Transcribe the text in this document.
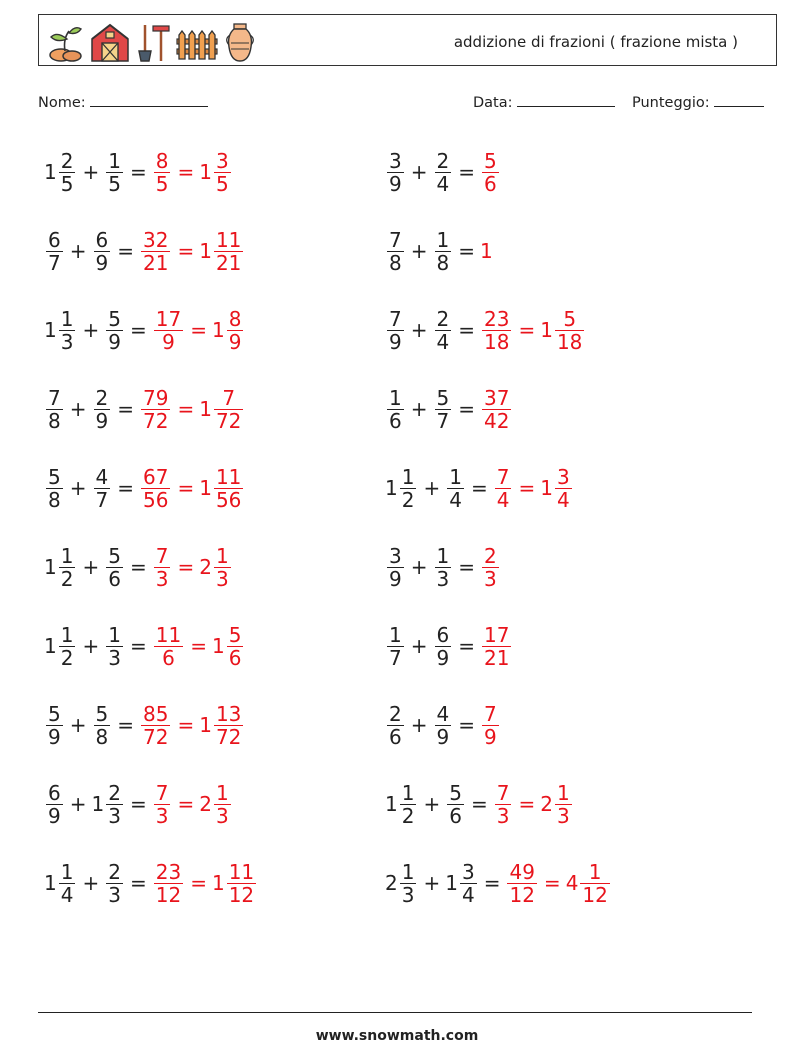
addizione di frazioni ( frazione mista )
Nome:	Data:	Punteggio:
$1 \frac{2}{5} + \frac{1}{5} = \frac{8}{5} = 1 \frac{3}{5}$	$\frac{3}{9} + \frac{2}{4} = \frac{5}{6}$
$\frac{6}{7} + \frac{6}{9} = \frac{32}{21} = 1 \frac{11}{21}$	$\frac{7}{8} + \frac{1}{8} = 1$
$1 \frac{1}{3} + \frac{5}{9} = \frac{17}{9} = 1 \frac{8}{9}$	$\frac{7}{9} + \frac{2}{4} = \frac{23}{18} = 1 \frac{5}{18}$
$\frac{7}{8} + \frac{2}{9} = \frac{79}{72} = 1 \frac{7}{72}$	$\frac{1}{6} + \frac{5}{7} = \frac{37}{42}$
$\frac{5}{8} + \frac{4}{7} = \frac{67}{56} = 1 \frac{11}{56}$	$1 \frac{1}{2} + \frac{1}{4} = \frac{7}{4} = 1 \frac{3}{4}$
$1 \frac{1}{2} + \frac{5}{6} = \frac{7}{3} = 2 \frac{1}{3}$	$\frac{3}{9} + \frac{1}{3} = \frac{2}{3}$
$1 \frac{1}{2} + \frac{1}{3} = \frac{11}{6} = 1 \frac{5}{6}$	$\frac{1}{7} + \frac{6}{9} = \frac{17}{21}$
$\frac{5}{9} + \frac{5}{8} = \frac{85}{72} = 1 \frac{13}{72}$	$\frac{2}{6} + \frac{4}{9} = \frac{7}{9}$
$\frac{6}{9} + 1 \frac{2}{3} = \frac{7}{3} = 2 \frac{1}{3}$	$1 \frac{1}{2} + \frac{5}{6} = \frac{7}{3} = 2 \frac{1}{3}$
$1 \frac{1}{4} + \frac{2}{3} = \frac{23}{12} = 1 \frac{11}{12}$	$2 \frac{1}{3} + 1 \frac{3}{4} = \frac{49}{12} = 4 \frac{1}{12}$
www.snowmath.com
